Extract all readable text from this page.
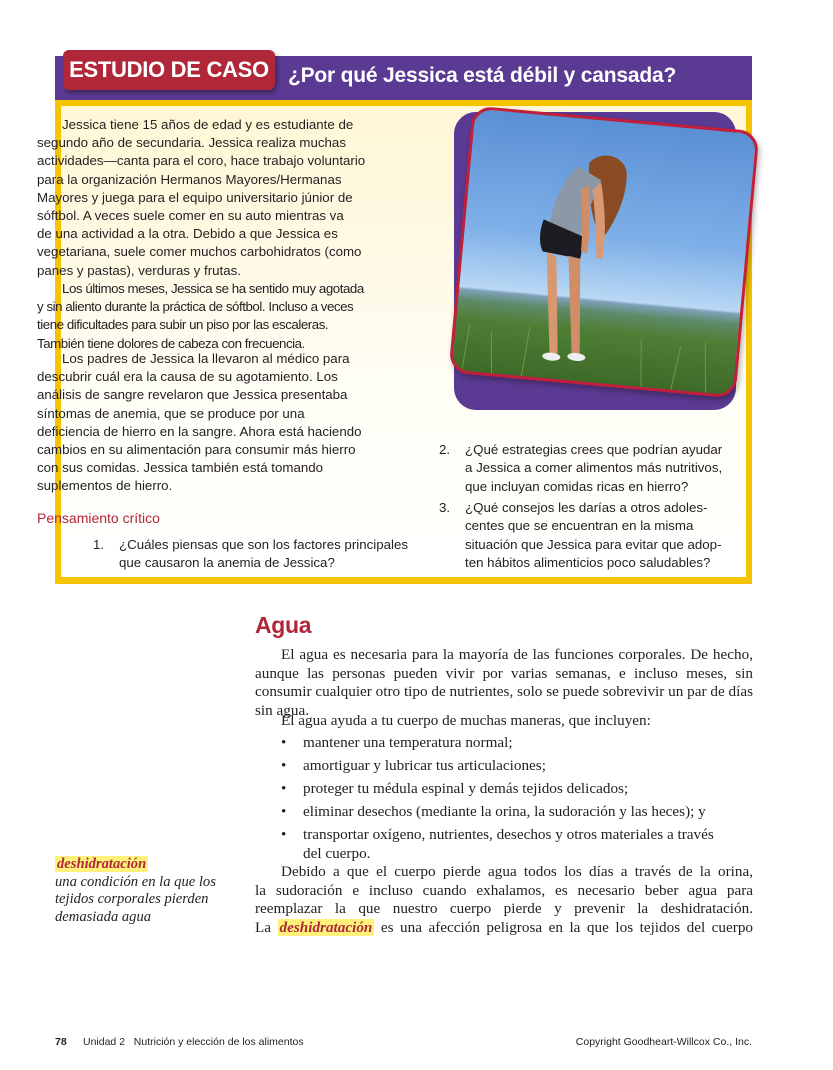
ESTUDIO DE CASO ¿Por qué Jessica está débil y cansada?

Jessica tiene 15 años de edad y es estudiante de
segundo año de secundaria. Jessica realiza muchas
actividades—canta para el coro, hace trabajo voluntario
para la organización Hermanos Mayores/Hermanas
Mayores y juega para el equipo universitario júnior de
sóftbol. A veces suele comer en su auto mientras va
de una actividad a la otra. Debido a que Jessica es
vegetariana, suele comer muchos carbohidratos (como
panes y pastas), verduras y frutas.

Los últimos meses, Jessica se ha sentido muy agotada
y sin aliento durante la práctica de sóftbol. Incluso a veces
tiene dificultades para subir un piso por las escaleras.
También tiene dolores de cabeza con frecuencia.

Los padres de Jessica la llevaron al médico para
descubrir cuál era la causa de su agotamiento. Los
análisis de sangre revelaron que Jessica presentaba
síntomas de anemia, que se produce por una
deficiencia de hierro en la sangre. Ahora está haciendo
cambios en su alimentación para consumir más hierro
con sus comidas. Jessica también está tomando
suplementos de hierro.

Pensamiento crítico
1. ¿Cuáles piensas que son los factores principales
que causaron la anemia de Jessica?
2. ¿Qué estrategias crees que podrían ayudar
a Jessica a comer alimentos más nutritivos,
que incluyan comidas ricas en hierro?
3. ¿Qué consejos les darías a otros adoles-
centes que se encuentran en la misma
situación que Jessica para evitar que adop-
ten hábitos alimenticios poco saludables?
Agua

El agua es necesaria para la mayoría de las funciones corporales. De hecho, aunque las personas pueden vivir por varias semanas, e incluso meses, sin consumir cualquier otro tipo de nutrientes, solo se puede sobrevivir un par de días sin agua.

El agua ayuda a tu cuerpo de muchas maneras, que incluyen:
• mantener una temperatura normal;
• amortiguar y lubricar tus articulaciones;
• proteger tu médula espinal y demás tejidos delicados;
• eliminar desechos (mediante la orina, la sudoración y las heces); y
• transportar oxígeno, nutrientes, desechos y otros materiales a través
del cuerpo.
Debido a que el cuerpo pierde agua todos los días a través de la orina,
la sudoración e incluso cuando exhalamos, es necesario beber agua para
reemplazar la que nuestro cuerpo pierde y prevenir la deshidratación.
La deshidratación es una afección peligrosa en la que los tejidos del cuerpo
deshidratación
una condición en la que los
tejidos corporales pierden
demasiada agua
78 Unidad 2   Nutrición y elección de los alimentos	Copyright Goodheart-Willcox Co., Inc.
